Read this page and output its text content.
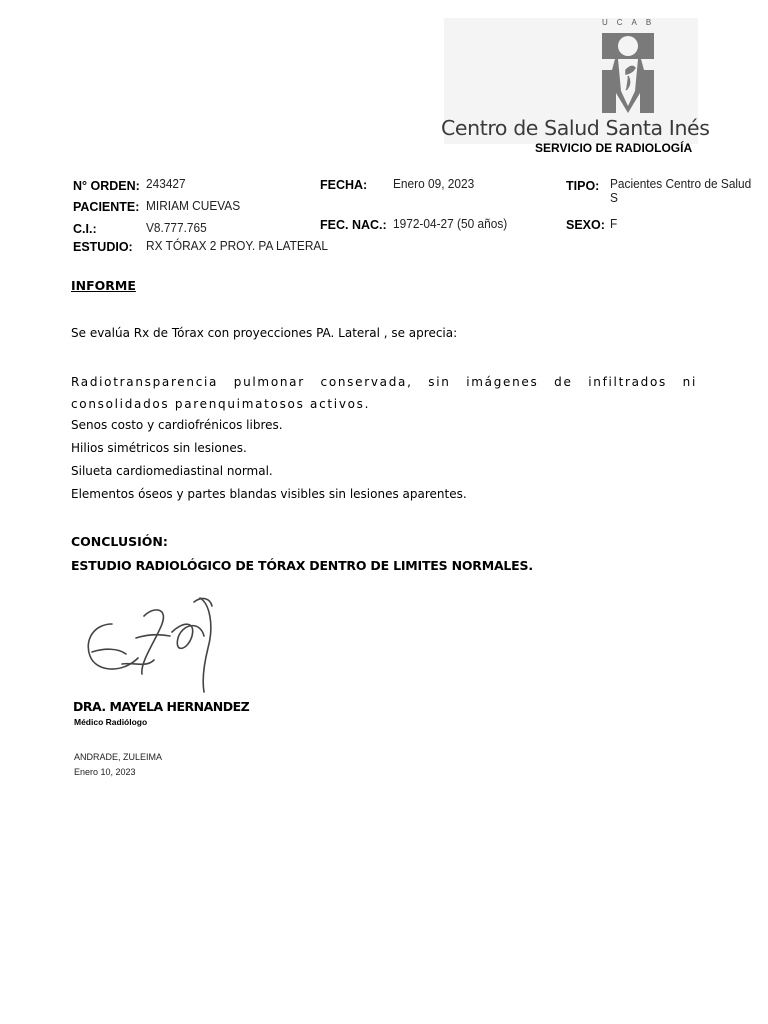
UCAB
Centro de Salud Santa Inés
SERVICIO DE RADIOLOGÍA
N° ORDEN: 243427	FECHA: Enero 09, 2023	TIPO: Pacientes Centro de Salud S
PACIENTE: MIRIAM CUEVAS
C.I.:	V8.777.765	FEC. NAC.: 1972-04-27 (50 años)	SEXO: F
ESTUDIO: RX TÓRAX 2 PROY. PA LATERAL
INFORME
Se evalúa Rx de Tórax con proyecciones PA. Lateral , se aprecia:
Radiotransparencia pulmonar conservada, sin imágenes de infiltrados ni consolidados parenquimatosos activos.
Senos costo y cardiofrénicos libres.
Hilios simétricos sin lesiones.
Silueta cardiomediastinal normal.
Elementos óseos y partes blandas visibles sin lesiones aparentes.
CONCLUSIÓN:
ESTUDIO RADIOLÓGICO DE TÓRAX DENTRO DE LIMITES NORMALES.
DRA. MAYELA HERNANDEZ
Médico Radiólogo
ANDRADE, ZULEIMA
Enero 10, 2023
